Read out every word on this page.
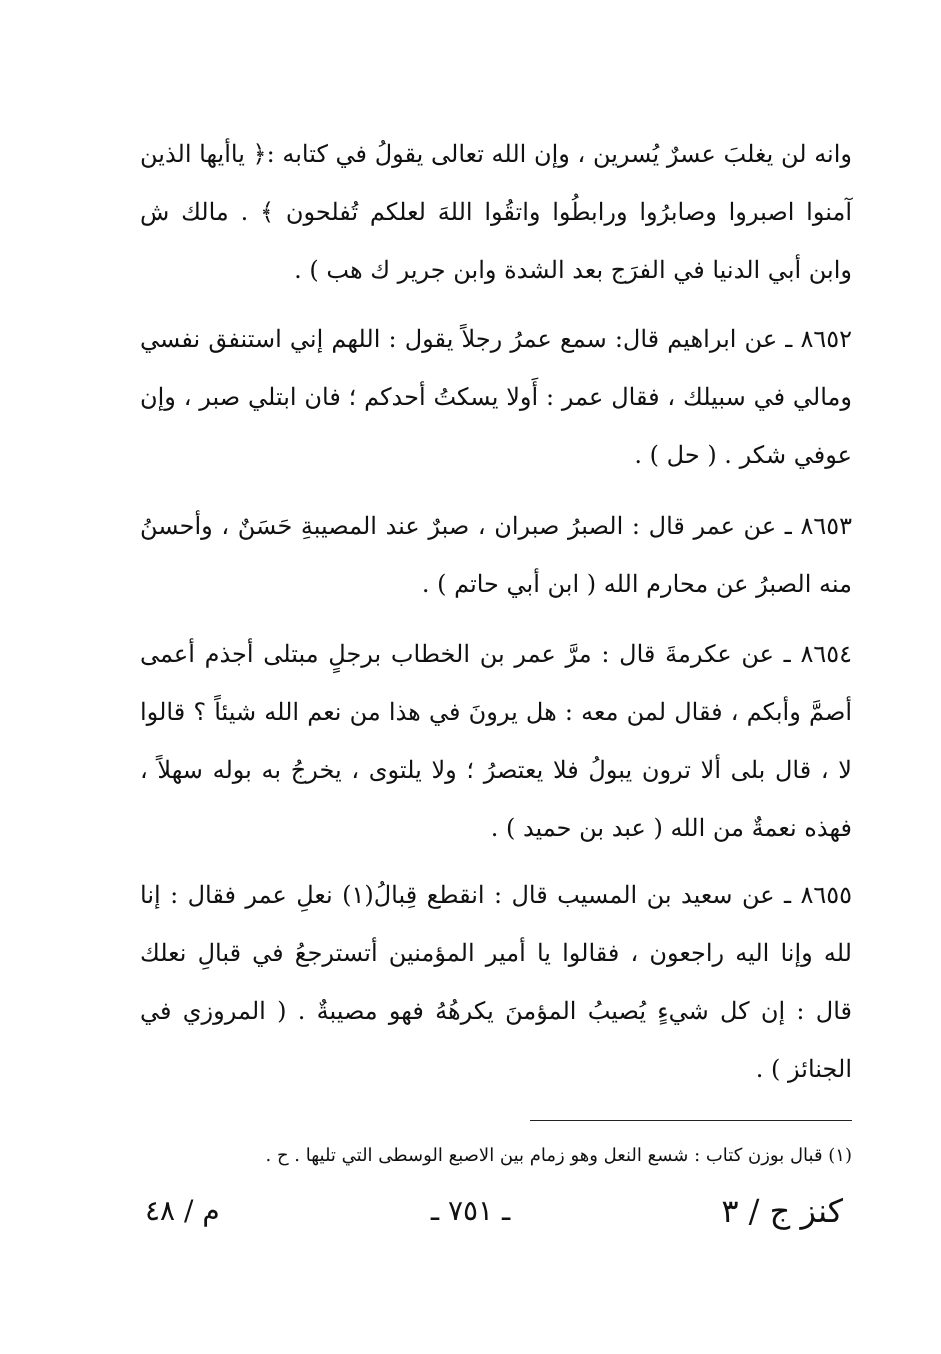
وانه لن يغلبَ عسرٌ يُسرين ، وإن الله تعالى يقولُ في كتابه :﴿ ياأيها الذين آمنوا اصبروا وصابرُوا ورابطُوا واتقُوا اللهَ لعلكم تُفلحون ﴾ . مالك ش وابن أبي الدنيا في الفرَج بعد الشدة وابن جرير ك هب ) .

٨٦٥٢ ـ عن ابراهيم قال: سمع عمرُ رجلاً يقول : اللهم إني استنفق نفسي ومالي في سبيلك ، فقال عمر : أَولا يسكتُ أحدكم ؛ فان ابتلي صبر ، وإن عوفي شكر . ( حل ) .

٨٦٥٣ ـ عن عمر قال : الصبرُ صبران ، صبرٌ عند المصيبةِ حَسَنٌ ، وأحسنُ منه الصبرُ عن محارم الله ( ابن أبي حاتم ) .

٨٦٥٤ ـ عن عكرمةَ قال : مرَّ عمر بن الخطاب برجلٍ مبتلى أجذم أعمى أصمَّ وأبكم ، فقال لمن معه : هل يرونَ في هذا من نعم الله شيئاً ؟ قالوا لا ، قال بلى ألا ترون يبولُ فلا يعتصرُ ؛ ولا يلتوى ، يخرجُ به بوله سهلاً ، فهذه نعمةٌ من الله ( عبد بن حميد ) .

٨٦٥٥ ـ عن سعيد بن المسيب قال : انقطع قِبالُ(١) نعلِ عمر فقال : إنا لله وإنا اليه راجعون ، فقالوا يا أمير المؤمنين أتسترجعُ في قبالِ نعلك قال : إن كل شيءٍ يُصيبُ المؤمنَ يكرهُهُ فهو مصيبةٌ . ( المروزي في الجنائز ) .

(١) قبال بوزن كتاب : شسع النعل وهو زمام بين الاصبع الوسطى التي تليها . ح .
كنز ج / ٣
ـ ٧٥١ ـ
م / ٤٨
